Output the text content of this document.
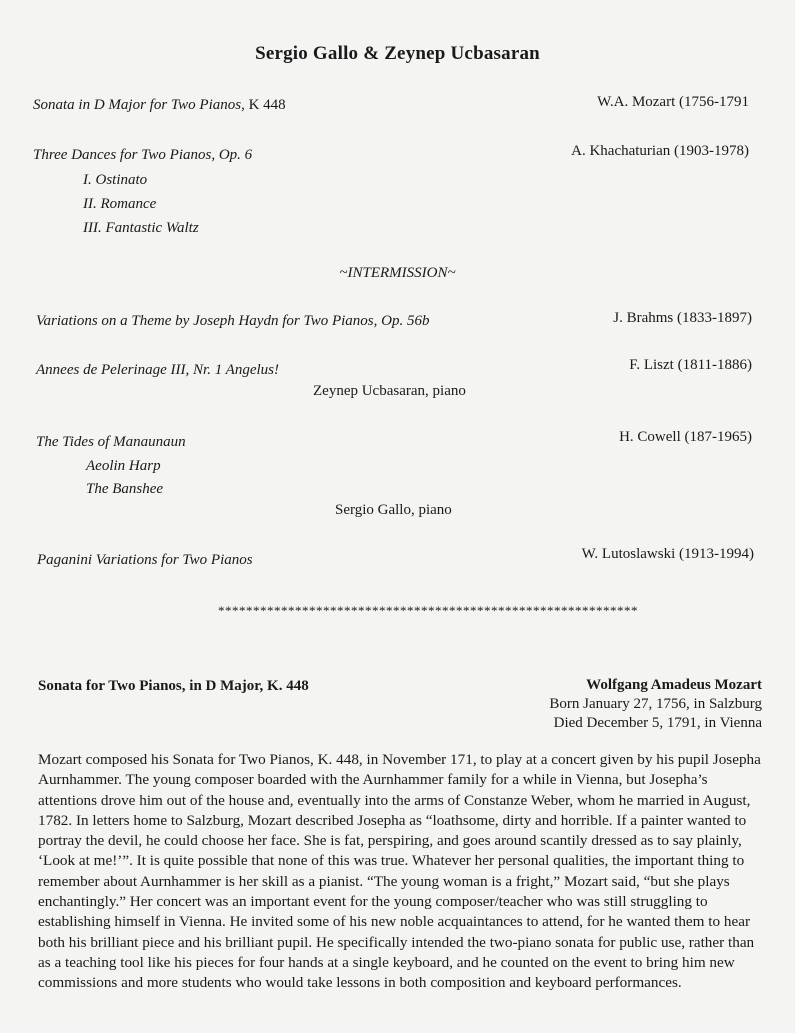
Sergio Gallo & Zeynep Ucbasaran
Sonata in D Major for Two Pianos, K 448	W.A. Mozart (1756-1791
Three Dances for Two Pianos, Op. 6	A. Khachaturian (1903-1978)
I. Ostinato
II. Romance
III. Fantastic Waltz
~INTERMISSION~
Variations on a Theme by Joseph Haydn for Two Pianos, Op. 56b	J. Brahms (1833-1897)
Annees de Pelerinage III, Nr. 1 Angelus!	F. Liszt (1811-1886)
Zeynep Ucbasaran, piano
The Tides of Manaunaun	H. Cowell (187-1965)
Aeolin Harp
The Banshee
Sergio Gallo, piano
Paganini Variations for Two Pianos	W. Lutoslawski (1913-1994)
************************************************************
Sonata for Two Pianos, in D Major, K. 448	Wolfgang Amadeus Mozart
Born January 27, 1756, in Salzburg
Died December 5, 1791, in Vienna
Mozart composed his Sonata for Two Pianos, K. 448, in November 171, to play at a concert given by his pupil Josepha Aurnhammer. The young composer boarded with the Aurnhammer family for a while in Vienna, but Josepha’s attentions drove him out of the house and, eventually into the arms of Constanze Weber, whom he married in August, 1782. In letters home to Salzburg, Mozart described Josepha as “loathsome, dirty and horrible. If a painter wanted to portray the devil, he could choose her face. She is fat, perspiring, and goes around scantily dressed as to say plainly, ‘Look at me!’”. It is quite possible that none of this was true. Whatever her personal qualities, the important thing to remember about Aurnhammer is her skill as a pianist. “The young woman is a fright,” Mozart said, “but she plays enchantingly.” Her concert was an important event for the young composer/teacher who was still struggling to establishing himself in Vienna. He invited some of his new noble acquaintances to attend, for he wanted them to hear both his brilliant piece and his brilliant pupil. He specifically intended the two-piano sonata for public use, rather than as a teaching tool like his pieces for four hands at a single keyboard, and he counted on the event to bring him new commissions and more students who would take lessons in both composition and keyboard performances.
